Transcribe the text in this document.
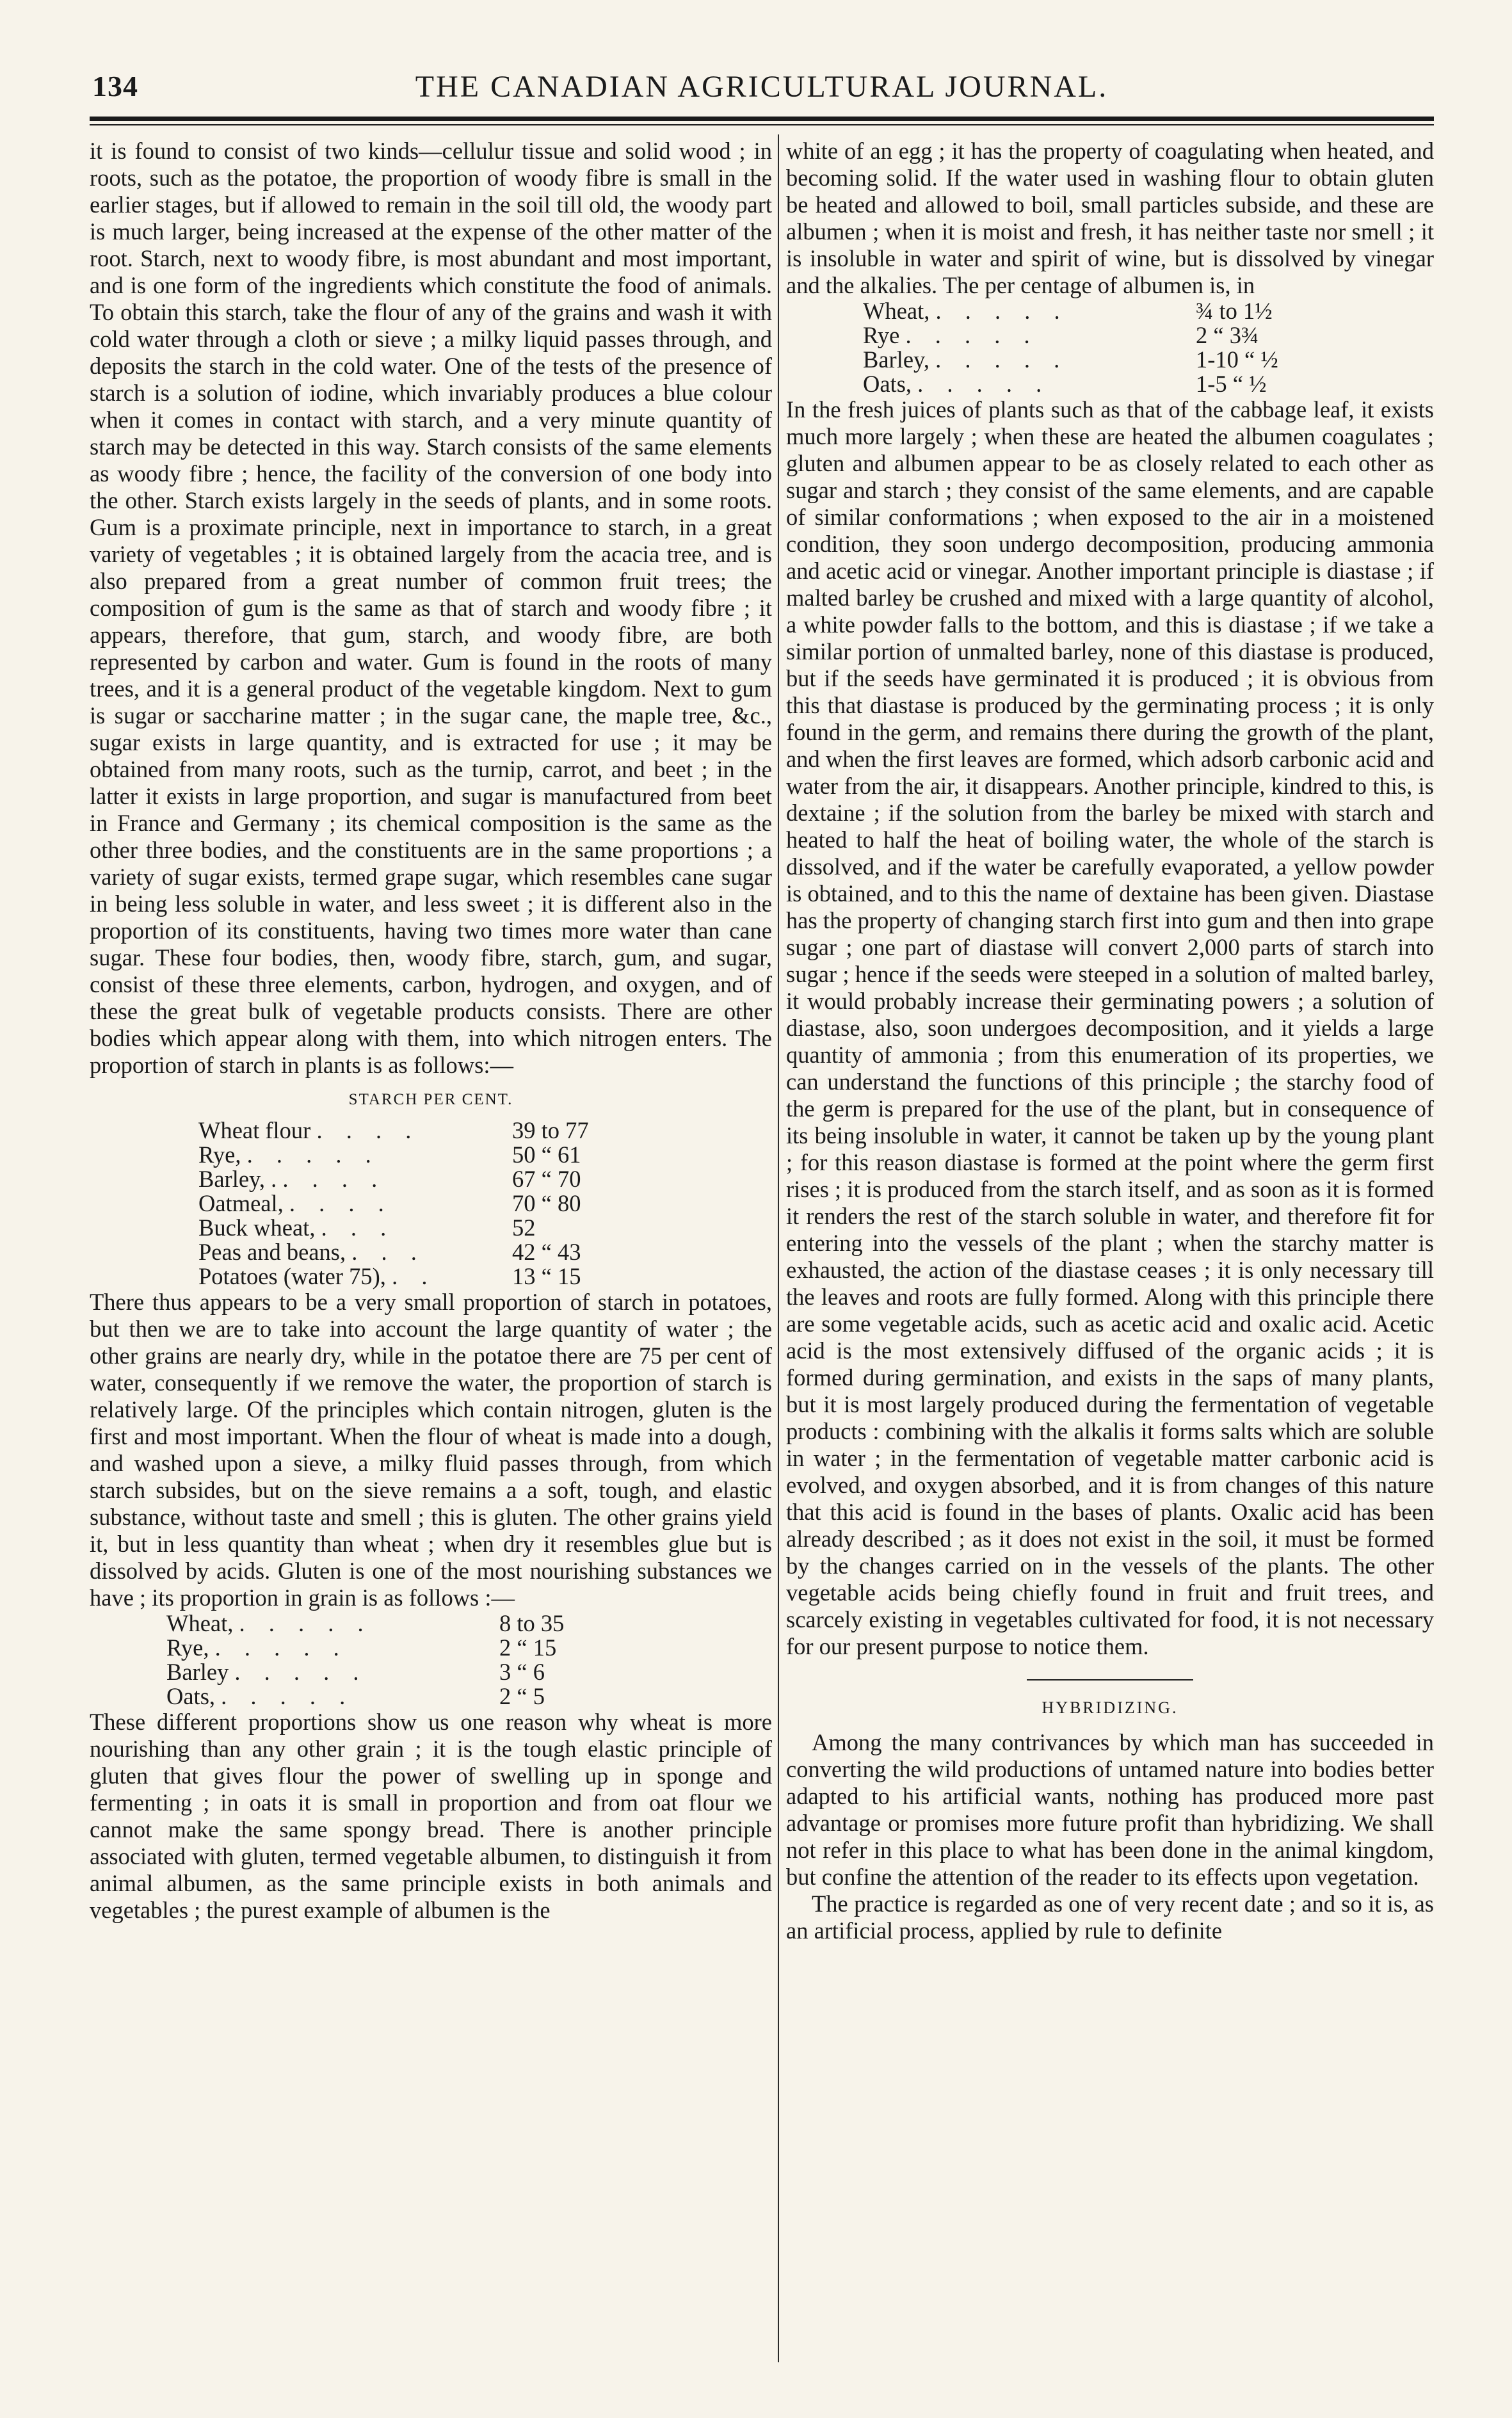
134	THE CANADIAN AGRICULTURAL JOURNAL.

it is found to consist of two kinds—cellulur tissue and solid wood ; in roots, such as the potatoe, the proportion of woody fibre is small in the earlier stages, but if allowed to remain in the soil till old, the woody part is much larger, being increased at the expense of the other matter of the root. Starch, next to woody fibre, is most abundant and most important, and is one form of the ingredients which constitute the food of animals. To obtain this starch, take the flour of any of the grains and wash it with cold water through a cloth or sieve ; a milky liquid passes through, and deposits the starch in the cold water. One of the tests of the presence of starch is a solution of iodine, which invariably produces a blue colour when it comes in contact with starch, and a very minute quantity of starch may be detected in this way. Starch consists of the same elements as woody fibre ; hence, the facility of the conversion of one body into the other. Starch exists largely in the seeds of plants, and in some roots. Gum is a proximate principle, next in importance to starch, in a great variety of vegetables ; it is obtained largely from the acacia tree, and is also prepared from a great number of common fruit trees; the composition of gum is the same as that of starch and woody fibre ; it appears, therefore, that gum, starch, and woody fibre, are both represented by carbon and water. Gum is found in the roots of many trees, and it is a general product of the vegetable kingdom. Next to gum is sugar or saccharine matter ; in the sugar cane, the maple tree, &c., sugar exists in large quantity, and is extracted for use ; it may be obtained from many roots, such as the turnip, carrot, and beet ; in the latter it exists in large proportion, and sugar is manufactured from beet in France and Germany ; its chemical composition is the same as the other three bodies, and the constituents are in the same proportions ; a variety of sugar exists, termed grape sugar, which resembles cane sugar in being less soluble in water, and less sweet ; it is different also in the proportion of its constituents, having two times more water than cane sugar. These four bodies, then, woody fibre, starch, gum, and sugar, consist of these three elements, carbon, hydrogen, and oxygen, and of these the great bulk of vegetable products consists. There are other bodies which appear along with them, into which nitrogen enters. The proportion of starch in plants is as follows:—

STARCH PER CENT.
Wheat flour . . . .	39 to 77
Rye, . . . . .	50 “ 61
Barley, . . . . .	67 “ 70
Oatmeal, . . . .	70 “ 80
Buck wheat, . . .	52
Peas and beans, . . .	42 “ 43
Potatoes (water 75), . .	13 “ 15

There thus appears to be a very small proportion of starch in potatoes, but then we are to take into account the large quantity of water ; the other grains are nearly dry, while in the potatoe there are 75 per cent of water, consequently if we remove the water, the proportion of starch is relatively large. Of the principles which contain nitrogen, gluten is the first and most important. When the flour of wheat is made into a dough, and washed upon a sieve, a milky fluid passes through, from which starch subsides, but on the sieve remains a a soft, tough, and elastic substance, without taste and smell ; this is gluten. The other grains yield it, but in less quantity than wheat ; when dry it resembles glue but is dissolved by acids. Gluten is one of the most nourishing substances we have ; its proportion in grain is as follows :—

Wheat, . . . . .	8 to 35
Rye, . . . . .	2 “ 15
Barley . . . . .	3 “ 6
Oats, . . . . .	2 “ 5

These different proportions show us one reason why wheat is more nourishing than any other grain ; it is the tough elastic principle of gluten that gives flour the power of swelling up in sponge and fermenting ; in oats it is small in proportion and from oat flour we cannot make the same spongy bread. There is another principle associated with gluten, termed vegetable albumen, to distinguish it from animal albumen, as the same principle exists in both animals and vegetables ; the purest example of albumen is the

white of an egg ; it has the property of coagulating when heated, and becoming solid. If the water used in washing flour to obtain gluten be heated and allowed to boil, small particles subside, and these are albumen ; when it is moist and fresh, it has neither taste nor smell ; it is insoluble in water and spirit of wine, but is dissolved by vinegar and the alkalies. The per centage of albumen is, in

Wheat, . . . . .	¾ to 1½
Rye . . . . .	2 “ 3¾
Barley, . . . . .	1-10 “ ½
Oats, . . . . .	1-5 “ ½

In the fresh juices of plants such as that of the cabbage leaf, it exists much more largely ; when these are heated the albumen coagulates ; gluten and albumen appear to be as closely related to each other as sugar and starch ; they consist of the same elements, and are capable of similar conformations ; when exposed to the air in a moistened condition, they soon undergo decomposition, producing ammonia and acetic acid or vinegar. Another important principle is diastase ; if malted barley be crushed and mixed with a large quantity of alcohol, a white powder falls to the bottom, and this is diastase ; if we take a similar portion of unmalted barley, none of this diastase is produced, but if the seeds have germinated it is produced ; it is obvious from this that diastase is produced by the germinating process ; it is only found in the germ, and remains there during the growth of the plant, and when the first leaves are formed, which adsorb carbonic acid and water from the air, it disappears. Another principle, kindred to this, is dextaine ; if the solution from the barley be mixed with starch and heated to half the heat of boiling water, the whole of the starch is dissolved, and if the water be carefully evaporated, a yellow powder is obtained, and to this the name of dextaine has been given. Diastase has the property of changing starch first into gum and then into grape sugar ; one part of diastase will convert 2,000 parts of starch into sugar ; hence if the seeds were steeped in a solution of malted barley, it would probably increase their germinating powers ; a solution of diastase, also, soon undergoes decomposition, and it yields a large quantity of ammonia ; from this enumeration of its properties, we can understand the functions of this principle ; the starchy food of the germ is prepared for the use of the plant, but in consequence of its being insoluble in water, it cannot be taken up by the young plant ; for this reason diastase is formed at the point where the germ first rises ; it is produced from the starch itself, and as soon as it is formed it renders the rest of the starch soluble in water, and therefore fit for entering into the vessels of the plant ; when the starchy matter is exhausted, the action of the diastase ceases ; it is only necessary till the leaves and roots are fully formed. Along with this principle there are some vegetable acids, such as acetic acid and oxalic acid. Acetic acid is the most extensively diffused of the organic acids ; it is formed during germination, and exists in the saps of many plants, but it is most largely produced during the fermentation of vegetable products : combining with the alkalis it forms salts which are soluble in water ; in the fermentation of vegetable matter carbonic acid is evolved, and oxygen absorbed, and it is from changes of this nature that this acid is found in the bases of plants. Oxalic acid has been already described ; as it does not exist in the soil, it must be formed by the changes carried on in the vessels of the plants. The other vegetable acids being chiefly found in fruit and fruit trees, and scarcely existing in vegetables cultivated for food, it is not necessary for our present purpose to notice them.

HYBRIDIZING.

Among the many contrivances by which man has succeeded in converting the wild productions of untamed nature into bodies better adapted to his artificial wants, nothing has produced more past advantage or promises more future profit than hybridizing. We shall not refer in this place to what has been done in the animal kingdom, but confine the attention of the reader to its effects upon vegetation.

The practice is regarded as one of very recent date ; and so it is, as an artificial process, applied by rule to definite
